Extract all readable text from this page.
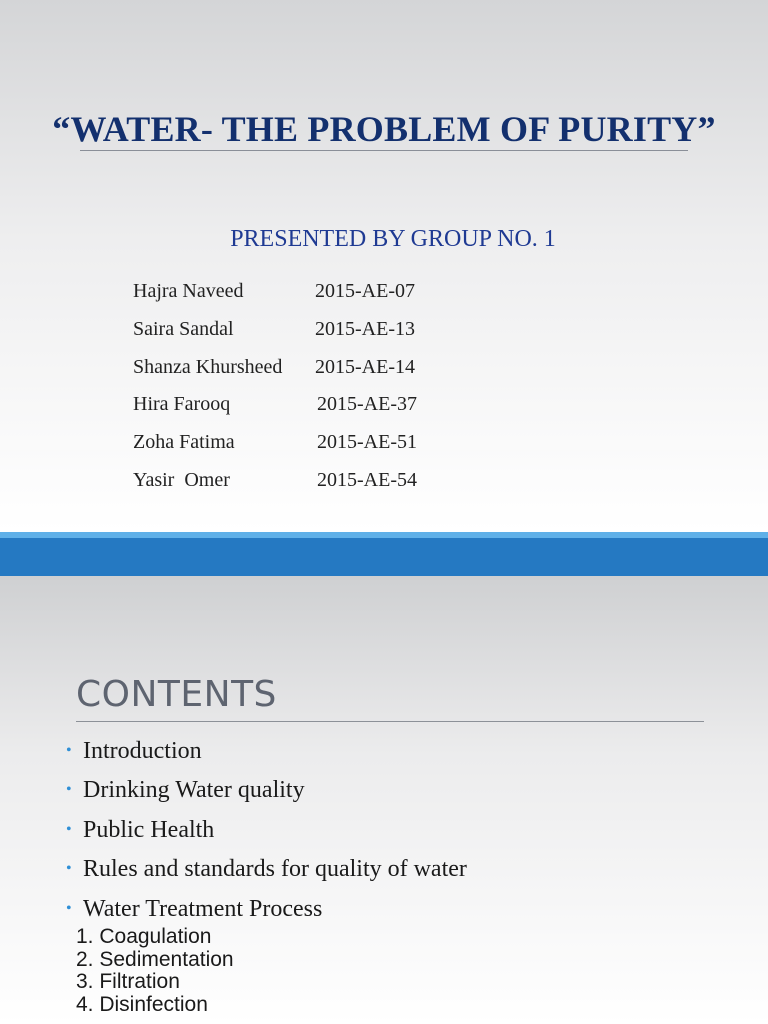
“WATER- THE PROBLEM OF PURITY”
PRESENTED BY GROUP NO. 1
Hajra Naveed	2015-AE-07
Saira Sandal	2015-AE-13
Shanza Khursheed 2015-AE-14
Hira Farooq	2015-AE-37
Zoha Fatima	2015-AE-51
Yasir  Omer	2015-AE-54
CONTENTS
• Introduction
• Drinking Water quality
• Public Health
• Rules and standards for quality of water
• Water Treatment Process
1. Coagulation
2. Sedimentation
3. Filtration
4. Disinfection
